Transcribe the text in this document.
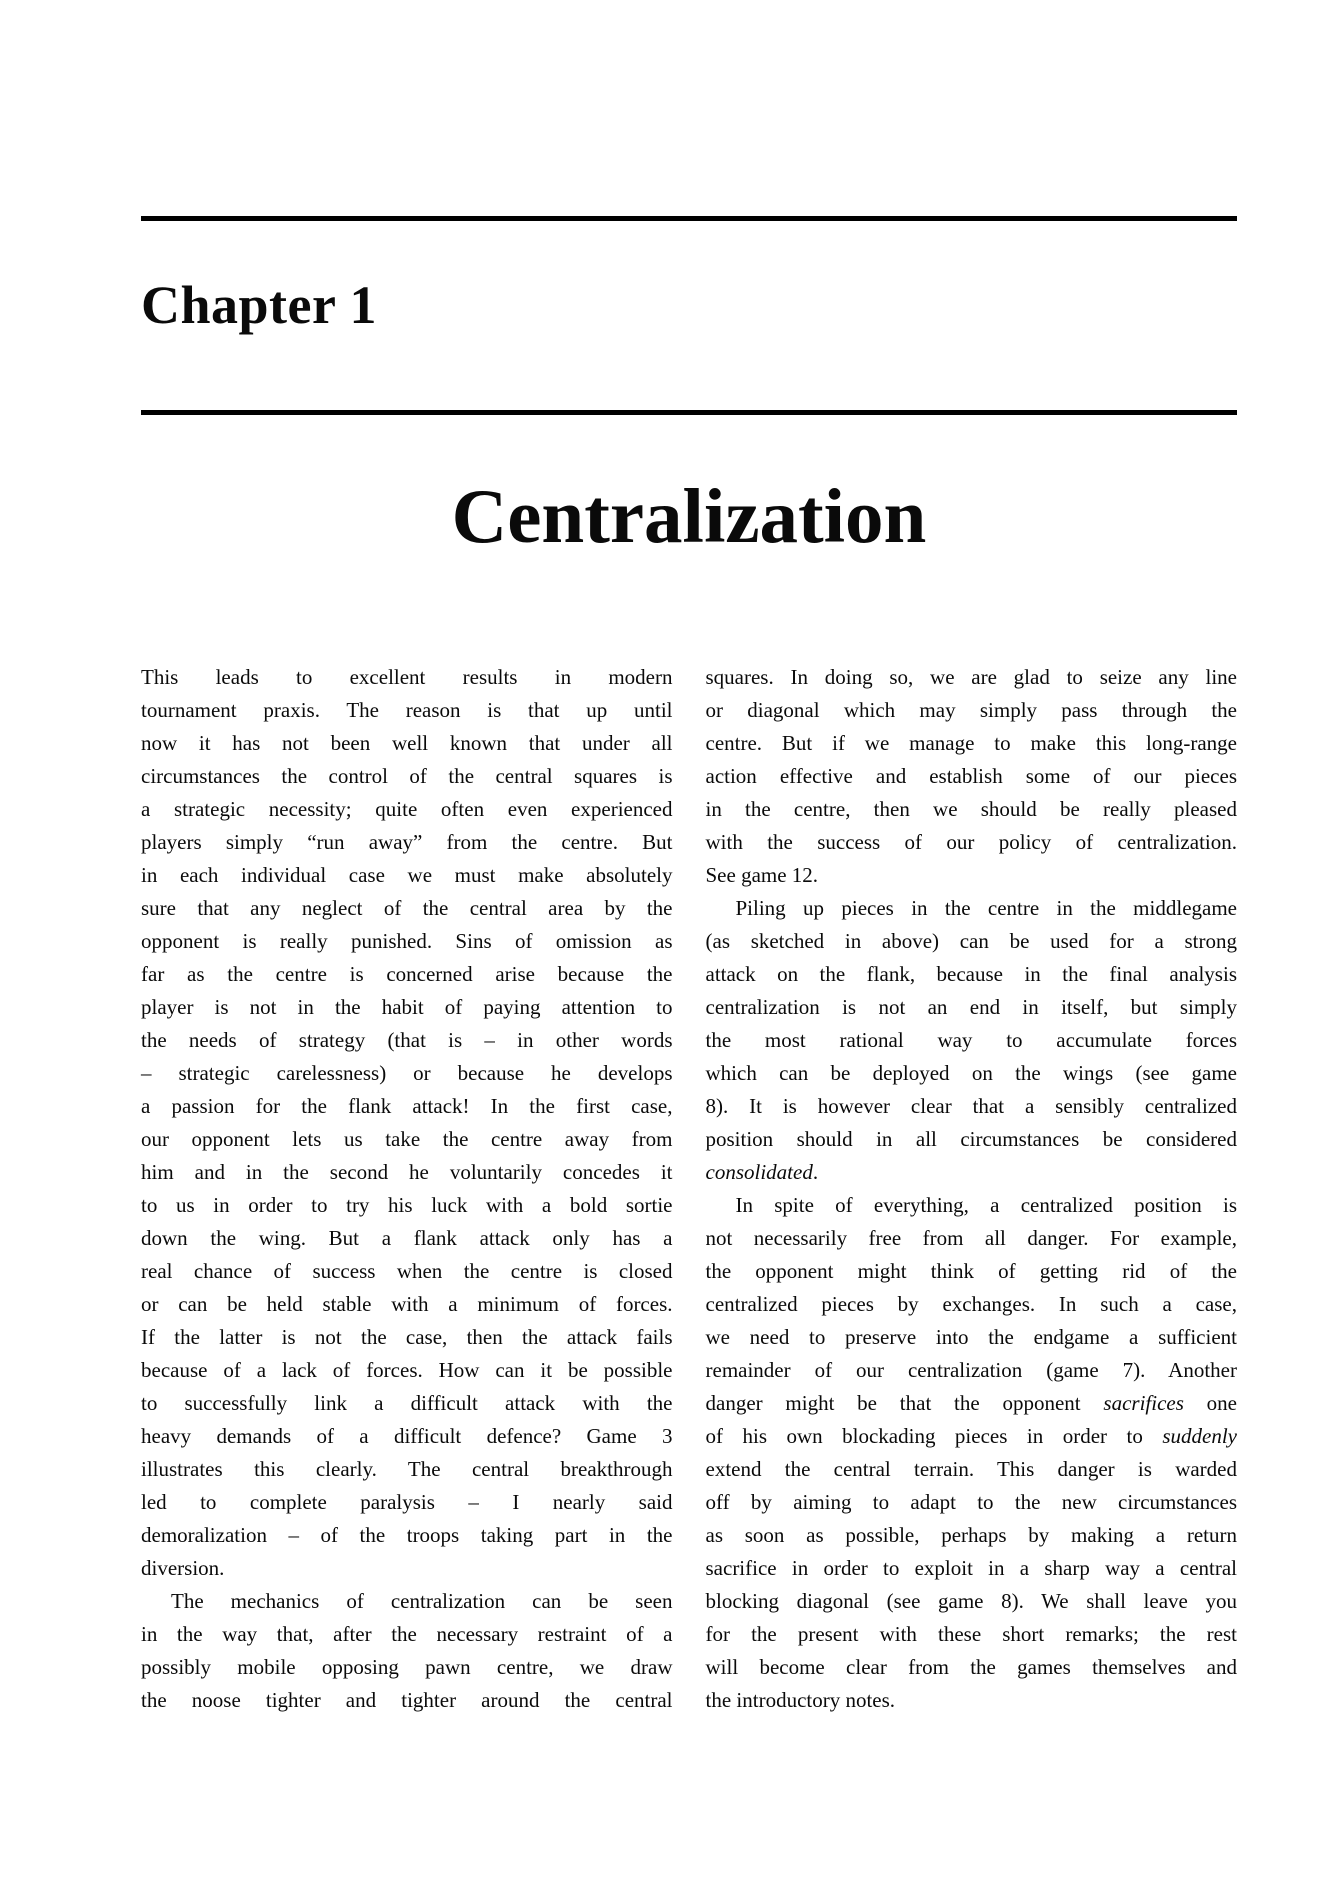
Chapter 1
Centralization
This leads to excellent results in modern
tournament praxis. The reason is that up until
now it has not been well known that under all
circumstances the control of the central squares is
a strategic necessity; quite often even experienced
players simply “run away” from the centre. But
in each individual case we must make absolutely
sure that any neglect of the central area by the
opponent is really punished. Sins of omission as
far as the centre is concerned arise because the
player is not in the habit of paying attention to
the needs of strategy (that is – in other words
– strategic carelessness) or because he develops
a passion for the flank attack! In the first case,
our opponent lets us take the centre away from
him and in the second he voluntarily concedes it
to us in order to try his luck with a bold sortie
down the wing. But a flank attack only has a
real chance of success when the centre is closed
or can be held stable with a minimum of forces.
If the latter is not the case, then the attack fails
because of a lack of forces. How can it be possible
to successfully link a difficult attack with the
heavy demands of a difficult defence? Game 3
illustrates this clearly. The central breakthrough
led to complete paralysis – I nearly said
demoralization – of the troops taking part in the
diversion.
The mechanics of centralization can be seen
in the way that, after the necessary restraint of a
possibly mobile opposing pawn centre, we draw
the noose tighter and tighter around the central
squares. In doing so, we are glad to seize any line
or diagonal which may simply pass through the
centre. But if we manage to make this long-range
action effective and establish some of our pieces
in the centre, then we should be really pleased
with the success of our policy of centralization.
See game 12.
Piling up pieces in the centre in the middlegame
(as sketched in above) can be used for a strong
attack on the flank, because in the final analysis
centralization is not an end in itself, but simply
the most rational way to accumulate forces
which can be deployed on the wings (see game
8). It is however clear that a sensibly centralized
position should in all circumstances be considered
consolidated.
In spite of everything, a centralized position is
not necessarily free from all danger. For example,
the opponent might think of getting rid of the
centralized pieces by exchanges. In such a case,
we need to preserve into the endgame a sufficient
remainder of our centralization (game 7). Another
danger might be that the opponent sacrifices one
of his own blockading pieces in order to suddenly
extend the central terrain. This danger is warded
off by aiming to adapt to the new circumstances
as soon as possible, perhaps by making a return
sacrifice in order to exploit in a sharp way a central
blocking diagonal (see game 8). We shall leave you
for the present with these short remarks; the rest
will become clear from the games themselves and
the introductory notes.
